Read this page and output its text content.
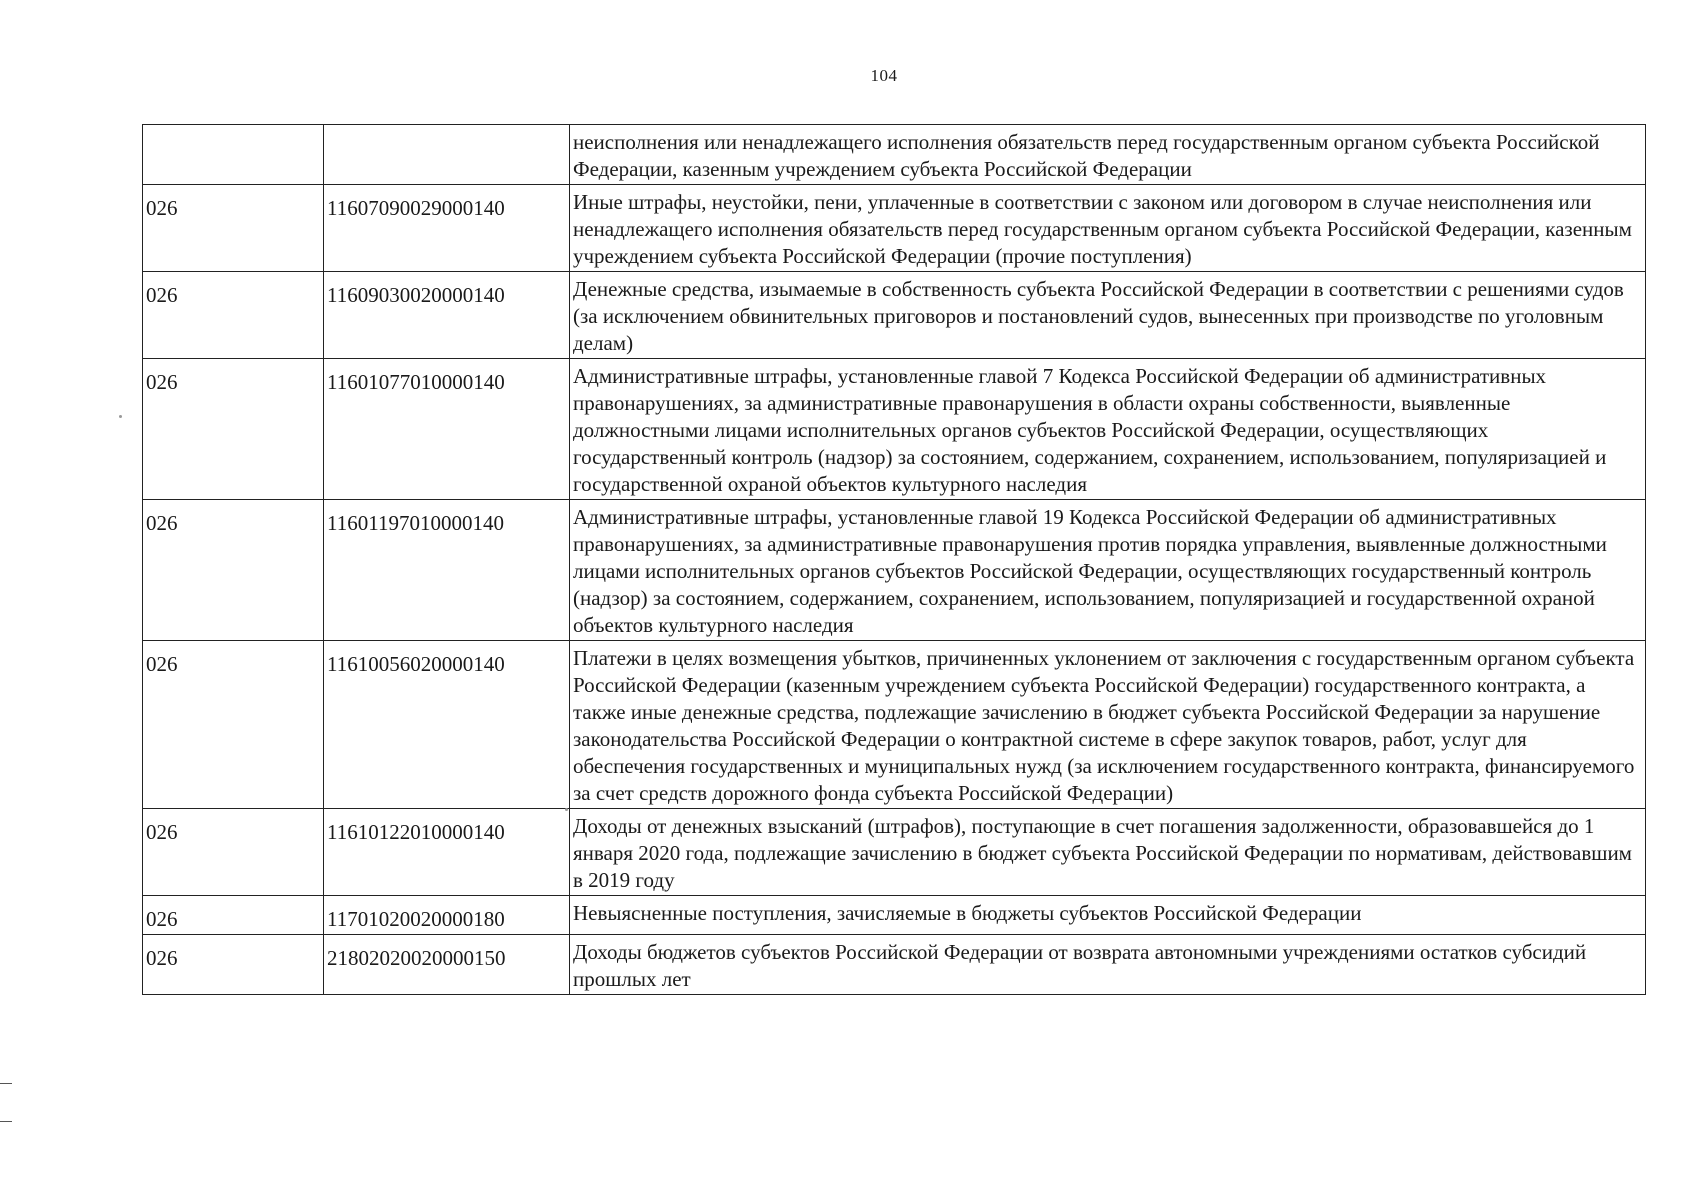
104
		неисполнения или ненадлежащего исполнения обязательств перед государственным органом субъекта Российской Федерации, казенным учреждением субъекта Российской Федерации
026	11607090029000140	Иные штрафы, неустойки, пени, уплаченные в соответствии с законом или договором в случае неисполнения или ненадлежащего исполнения обязательств перед государственным органом субъекта Российской Федерации, казенным учреждением субъекта Российской Федерации (прочие поступления)
026	11609030020000140	Денежные средства, изымаемые в собственность субъекта Российской Федерации в соответствии с решениями судов (за исключением обвинительных приговоров и постановлений судов, вынесенных при производстве по уголовным делам)
026	11601077010000140	Административные штрафы, установленные главой 7 Кодекса Российской Федерации об административных правонарушениях, за административные правонарушения в области охраны собственности, выявленные должностными лицами исполнительных органов субъектов Российской Федерации, осуществляющих государственный контроль (надзор) за состоянием, содержанием, сохранением, использованием, популяризацией и государственной охраной объектов культурного наследия
026	11601197010000140	Административные штрафы, установленные главой 19 Кодекса Российской Федерации об административных правонарушениях, за административные правонарушения против порядка управления, выявленные должностными лицами исполнительных органов субъектов Российской Федерации, осуществляющих государственный контроль (надзор) за состоянием, содержанием, сохранением, использованием, популяризацией и государственной охраной объектов культурного наследия
026	11610056020000140	Платежи в целях возмещения убытков, причиненных уклонением от заключения с государственным органом субъекта Российской Федерации (казенным учреждением субъекта Российской Федерации) государственного контракта, а также иные денежные средства, подлежащие зачислению в бюджет субъекта Российской Федерации за нарушение законодательства Российской Федерации о контрактной системе в сфере закупок товаров, работ, услуг для обеспечения государственных и муниципальных нужд (за исключением государственного контракта, финансируемого за счет средств дорожного фонда субъекта Российской Федерации)
026	11610122010000140	Доходы от денежных взысканий (штрафов), поступающие в счет погашения задолженности, образовавшейся до 1 января 2020 года, подлежащие зачислению в бюджет субъекта Российской Федерации по нормативам, действовавшим в 2019 году
026	11701020020000180	Невыясненные поступления, зачисляемые в бюджеты субъектов Российской Федерации
026	21802020020000150	Доходы бюджетов субъектов Российской Федерации от возврата автономными учреждениями остатков субсидий прошлых лет
